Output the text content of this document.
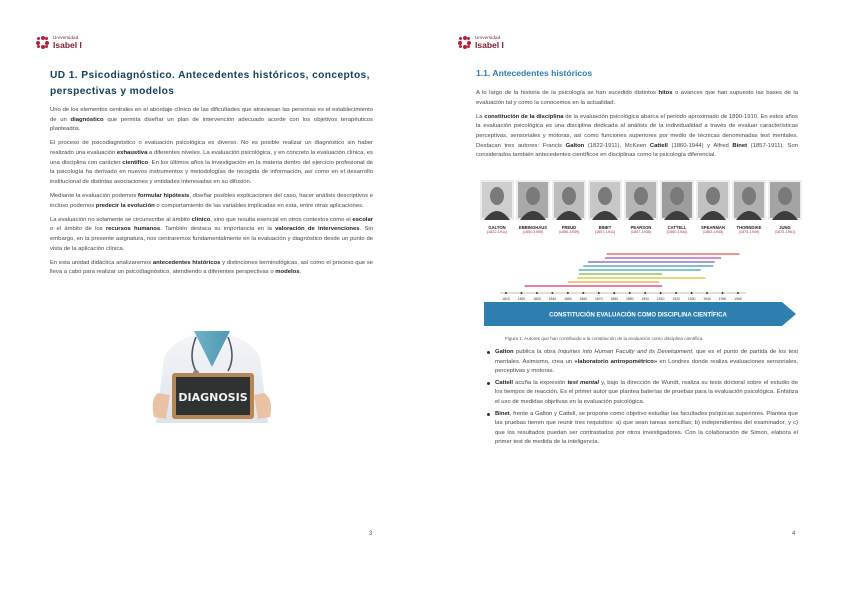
Universidad
Isabel I
UD 1. Psicodiagnóstico. Antecedentes históricos, conceptos, perspectivas y modelos

Uno de los elementos centrales en el abordaje clínico de las dificultades que atraviesan las personas es el establecimiento de un diagnóstico que permita diseñar un plan de intervención adecuado acorde con los objetivos terapéuticos planteados.

El proceso de psicodiagnóstico o evaluación psicológica es diverso. No es posible realizar un diagnóstico sin haber realizado una evaluación exhaustiva a diferentes niveles. La evaluación psicológica, y en concreto la evaluación clínica, es una disciplina con carácter científico. En los últimos años la investigación en la materia dentro del ejercicio profesional de la psicología ha derivado en nuevos instrumentos y metodologías de recogida de información, así como en el desarrollo institucional de distintas asociaciones y entidades interesadas en su difusión.

Mediante la evaluación podemos formular hipótesis, diseñar posibles explicaciones del caso, hacer análisis descriptivos e incluso podemos predecir la evolución o comportamiento de las variables implicadas en esta, entre otras aplicaciones.

La evaluación no solamente se circunscribe al ámbito clínico, sino que resulta esencial en otros contextos como el escolar o el ámbito de los recursos humanos. También destaca su importancia en la valoración de intervenciones. Sin embargo, en la presente asignatura, nos centraremos fundamentalmente en la evaluación y diagnóstico desde un punto de vista de la aplicación clínica.

En esta unidad didáctica analizaremos antecedentes históricos y distinciones terminológicas, así como el proceso que se lleva a cabo para realizar un psicodiagnóstico, atendiendo a diferentes perspectivas o modelos.

DIAGNOSIS
3
Universidad
Isabel I
1.1. Antecedentes históricos

A lo largo de la historia de la psicología se han sucedido distintos hitos o avances que han supuesto las bases de la evaluación tal y como la conocemos en la actualidad.

La constitución de la disciplina de la evaluación psicológica abarca el periodo aproximado de 1890-1910. En estos años la evaluación psicológica es una disciplina dedicada al análisis de la individualidad a través de evaluar características perceptivas, sensoriales y motoras, así como funciones superiores por medio de técnicas denominadas test mentales. Destacan tres autores: Francis Galton (1822-1911), McKeen Cattell (1860-1944) y Alfred Binet (1857-1911). Son considerados también antecedentes científicos en disciplinas como la psicología diferencial.

GALTON
(1822-1911)
EBBINGHAUS
(1850-1909)
FREUD
(1856-1939)
BINET
(1857-1911)
PEARSON
(1857-1936)
CATTELL
(1860-1944)
SPEARMAN
(1863-1945)
THORNDIKE
(1874-1949)
JUNG
(1875-1961)
1810 1820 1830 1840 1850 1860 1870 1880 1890 1900 1910 1920 1930 1940 1950 1960
CONSTITUCIÓN EVALUACIÓN COMO DISCIPLINA CIENTÍFICA
Figura 1. Autores que han contribuido a la constitución de la evaluación como disciplina científica.
Galton publica la obra Inquiries into Human Faculty and its Development, que es el punto de partida de los test mentales. Asimismo, crea un «laboratorio antropométrico» en Londres donde realiza evaluaciones sensoriales, perceptivas y motoras.
Cattell acuña la expresión test mental y, bajo la dirección de Wundt, realiza su tesis doctoral sobre el estudio de los tiempos de reacción. Es el primer autor que plantea baterías de pruebas para la evaluación psicológica. Enfatiza el uso de medidas objetivas en la evaluación psicológica.
Binet, frente a Galton y Cattell, se propone como objetivo estudiar las facultades psíquicas superiores. Plantea que las pruebas tienen que reunir tres requisitos: a) que sean tareas sencillas; b) independientes del examinador, y c) que los resultados puedan ser contrastados por otros investigadores. Con la colaboración de Simon, elabora el primer test de medida de la inteligencia.
4
